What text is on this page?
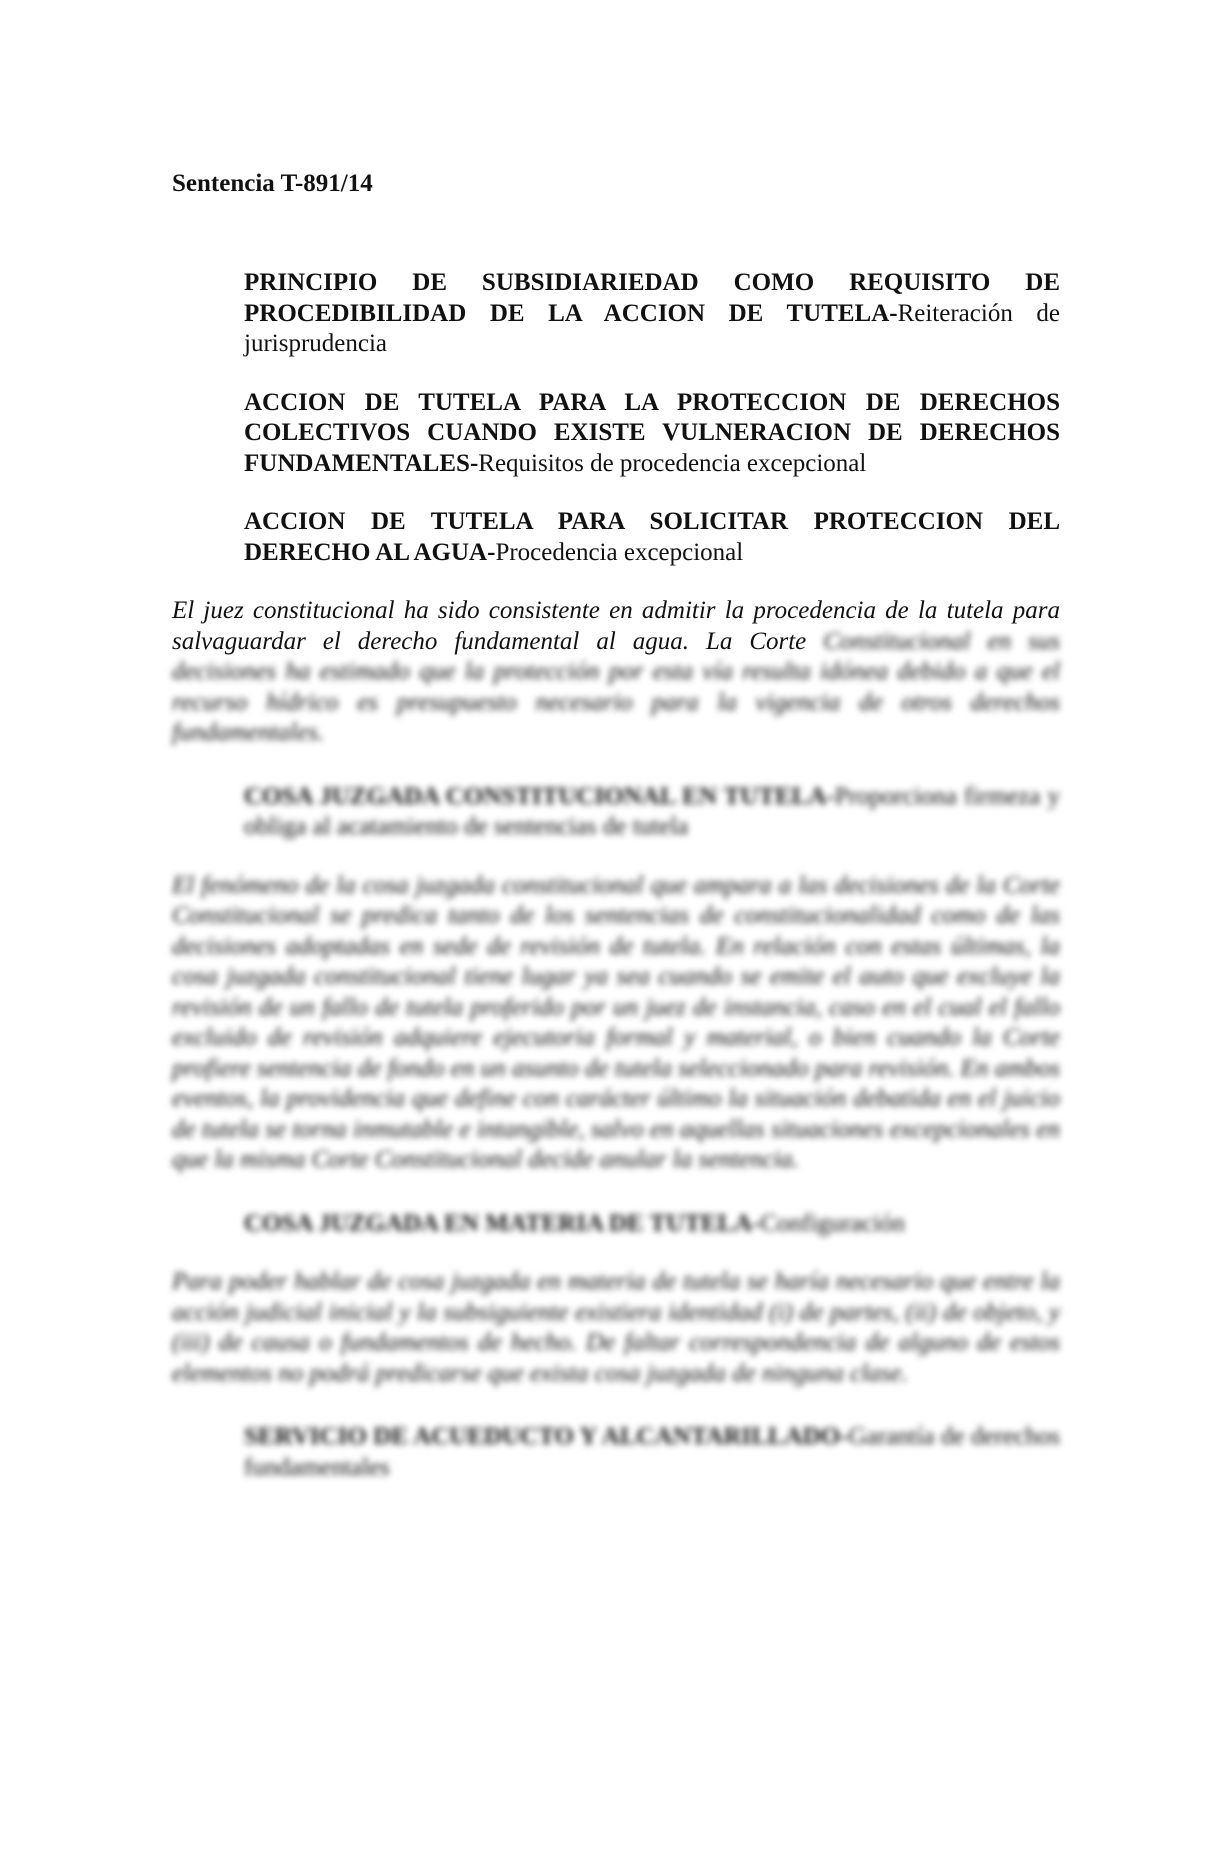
Sentencia T-891/14

PRINCIPIO DE SUBSIDIARIEDAD COMO REQUISITO DE PROCEDIBILIDAD DE LA ACCION DE TUTELA-Reiteración de jurisprudencia

ACCION DE TUTELA PARA LA PROTECCION DE DERECHOS COLECTIVOS CUANDO EXISTE VULNERACION DE DERECHOS FUNDAMENTALES-Requisitos de procedencia excepcional

ACCION DE TUTELA PARA SOLICITAR PROTECCION DEL DERECHO AL AGUA-Procedencia excepcional

El juez constitucional ha sido consistente en admitir la procedencia de la tutela para salvaguardar el derecho fundamental al agua. La Corte Constitucional en sus decisiones ha estimado que la protección por esta vía resulta idónea debido a que el recurso hídrico es presupuesto necesario para la vigencia de otros derechos fundamentales.

COSA JUZGADA CONSTITUCIONAL EN TUTELA-Proporciona firmeza y obliga al acatamiento de sentencias de tutela

El fenómeno de la cosa juzgada constitucional que ampara a las decisiones de la Corte Constitucional se predica tanto de los sentencias de constitucionalidad como de las decisiones adoptadas en sede de revisión de tutela. En relación con estas últimas, la cosa juzgada constitucional tiene lugar ya sea cuando se emite el auto que excluye la revisión de un fallo de tutela proferido por un juez de instancia, caso en el cual el fallo excluido de revisión adquiere ejecutoria formal y material, o bien cuando la Corte profiere sentencia de fondo en un asunto de tutela seleccionado para revisión. En ambos eventos, la providencia que define con carácter último la situación debatida en el juicio de tutela se torna inmutable e intangible, salvo en aquellas situaciones excepcionales en que la misma Corte Constitucional decide anular la sentencia.

COSA JUZGADA EN MATERIA DE TUTELA-Configuración

Para poder hablar de cosa juzgada en materia de tutela se haría necesario que entre la acción judicial inicial y la subsiguiente existiera identidad (i) de partes, (ii) de objeto, y (iii) de causa o fundamentos de hecho. De faltar correspondencia de alguno de estos elementos no podrá predicarse que exista cosa juzgada de ninguna clase.

SERVICIO DE ACUEDUCTO Y ALCANTARILLADO-Garantía de derechos fundamentales
